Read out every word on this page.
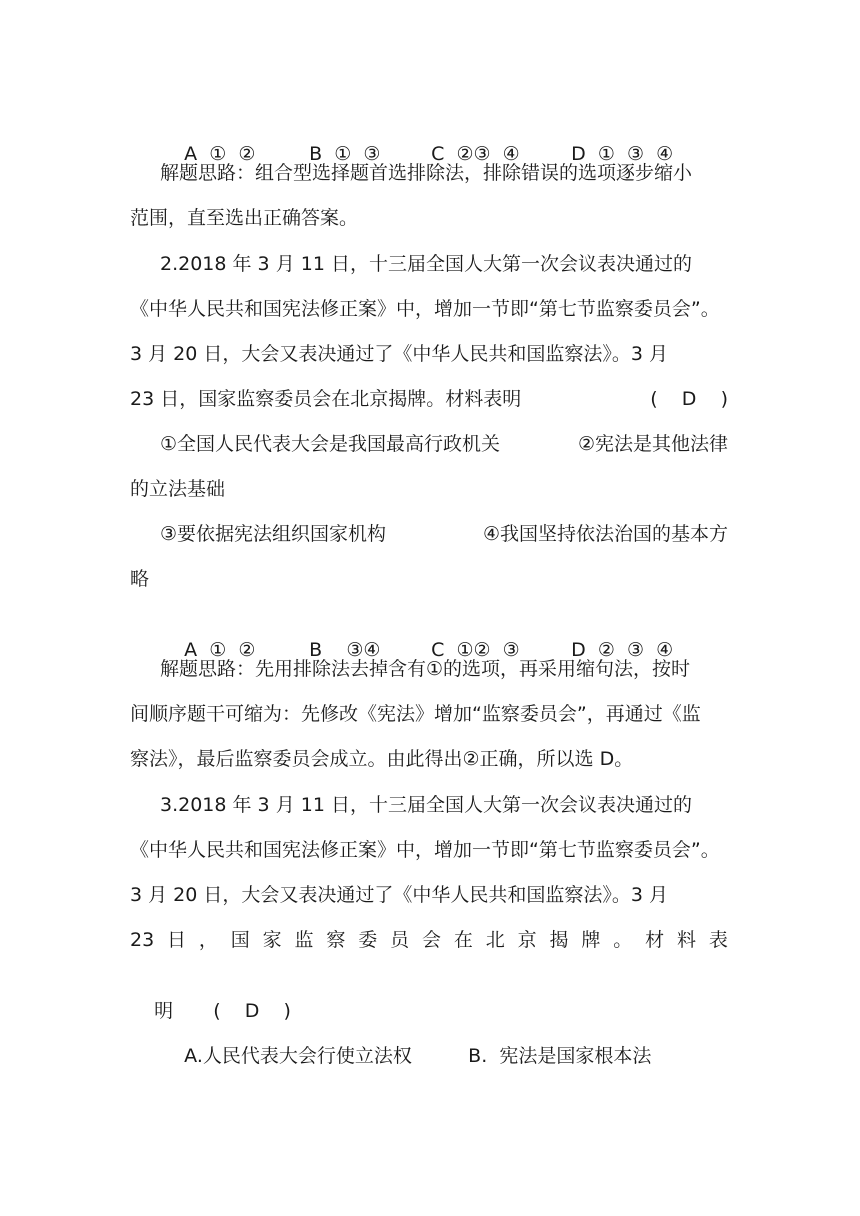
A  ①  ②	B  ①  ③	C  ②③  ④	D  ①  ③  ④

解题思路：组合型选择题首选排除法，排除错误的选项逐步缩小

范围，直至选出正确答案。

2.2018 年 3 月 11 日，十三届全国人大第一次会议表决通过的

《中华人民共和国宪法修正案》中，增加一节即“第七节监察委员会”。

3 月 20 日，大会又表决通过了《中华人民共和国监察法》。3 月

23 日，国家监察委员会在北京揭牌。材料表明	(    D    )
①全国人民代表大会是我国最高行政机关	②宪法是其他法律

的立法基础

③要依据宪法组织国家机构	④我国坚持依法治国的基本方

略

A  ①  ②	B    ③④	C  ①②  ③	D  ②  ③  ④

解题思路：先用排除法去掉含有①的选项，再采用缩句法，按时

间顺序题干可缩为：先修改《宪法》增加“监察委员会”，再通过《监

察法》，最后监察委员会成立。由此得出②正确，所以选 D。

3.2018 年 3 月 11 日，十三届全国人大第一次会议表决通过的

《中华人民共和国宪法修正案》中，增加一节即“第七节监察委员会”。

3 月 20 日，大会又表决通过了《中华人民共和国监察法》。3 月

23 日 ， 国 家 监 察 委 员 会 在 北 京 揭 牌 。 材 料 表

明 (    D    )

A.人民代表大会行使立法权	B.  宪法是国家根本法
